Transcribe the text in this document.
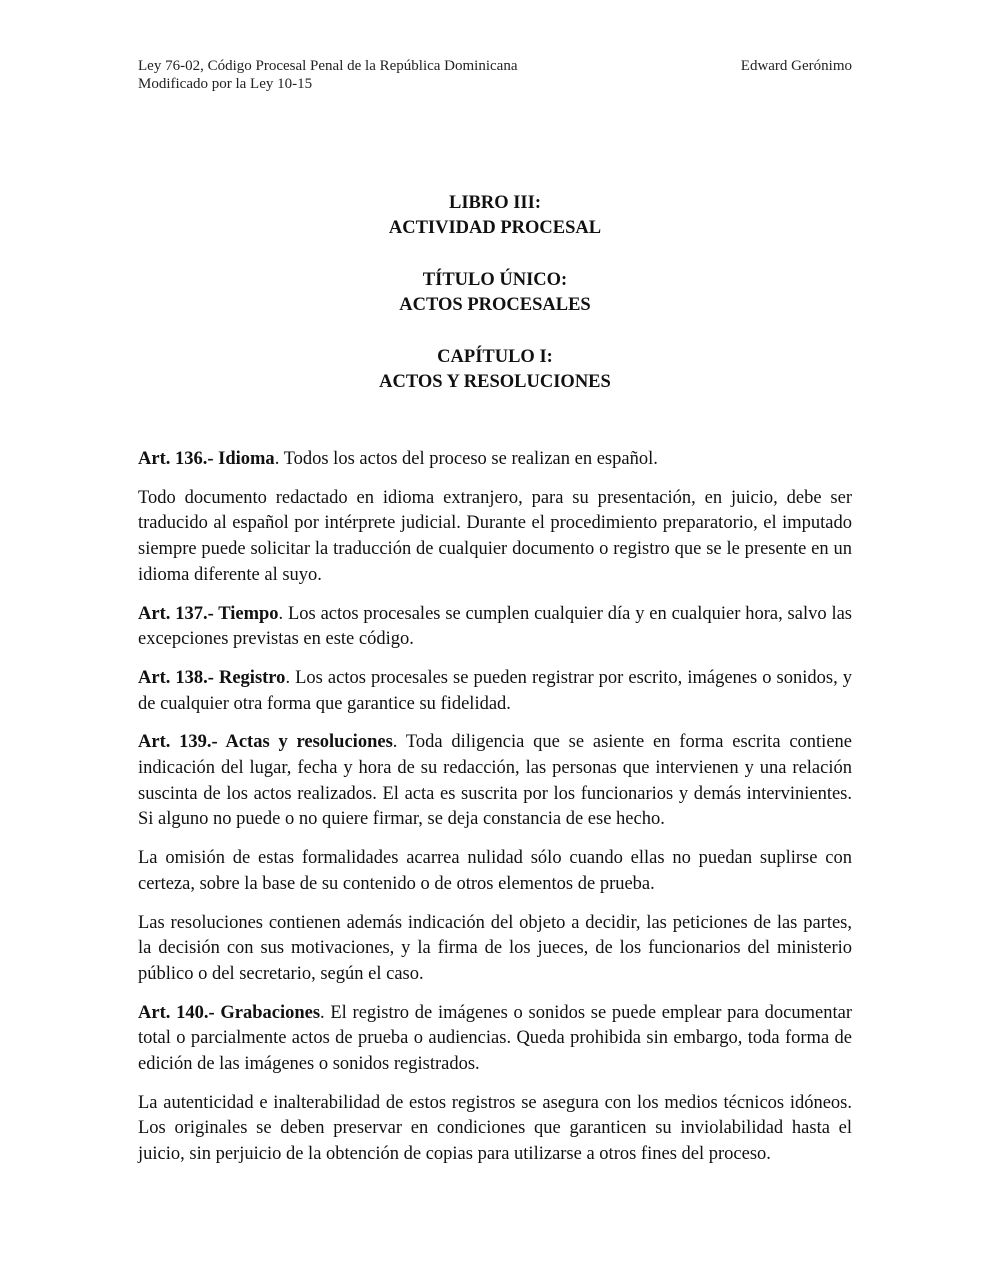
Ley 76-02, Código Procesal Penal de la República Dominicana	Edward Gerónimo
Modificado por la Ley 10-15
LIBRO III:
ACTIVIDAD PROCESAL
TÍTULO ÚNICO:
ACTOS PROCESALES
CAPÍTULO I:
ACTOS Y RESOLUCIONES

Art. 136.- Idioma. Todos los actos del proceso se realizan en español.

Todo documento redactado en idioma extranjero, para su presentación, en juicio, debe ser traducido al español por intérprete judicial. Durante el procedimiento preparatorio, el imputado siempre puede solicitar la traducción de cualquier documento o registro que se le presente en un idioma diferente al suyo.

Art. 137.- Tiempo. Los actos procesales se cumplen cualquier día y en cualquier hora, salvo las excepciones previstas en este código.

Art. 138.- Registro. Los actos procesales se pueden registrar por escrito, imágenes o sonidos, y de cualquier otra forma que garantice su fidelidad.

Art. 139.- Actas y resoluciones. Toda diligencia que se asiente en forma escrita contiene indicación del lugar, fecha y hora de su redacción, las personas que intervienen y una relación suscinta de los actos realizados. El acta es suscrita por los funcionarios y demás intervinientes. Si alguno no puede o no quiere firmar, se deja constancia de ese hecho.

La omisión de estas formalidades acarrea nulidad sólo cuando ellas no puedan suplirse con certeza, sobre la base de su contenido o de otros elementos de prueba.

Las resoluciones contienen además indicación del objeto a decidir, las peticiones de las partes, la decisión con sus motivaciones, y la firma de los jueces, de los funcionarios del ministerio público o del secretario, según el caso.

Art. 140.- Grabaciones. El registro de imágenes o sonidos se puede emplear para documentar total o parcialmente actos de prueba o audiencias. Queda prohibida sin embargo, toda forma de edición de las imágenes o sonidos registrados.

La autenticidad e inalterabilidad de estos registros se asegura con los medios técnicos idóneos. Los originales se deben preservar en condiciones que garanticen su inviolabilidad hasta el juicio, sin perjuicio de la obtención de copias para utilizarse a otros fines del proceso.
